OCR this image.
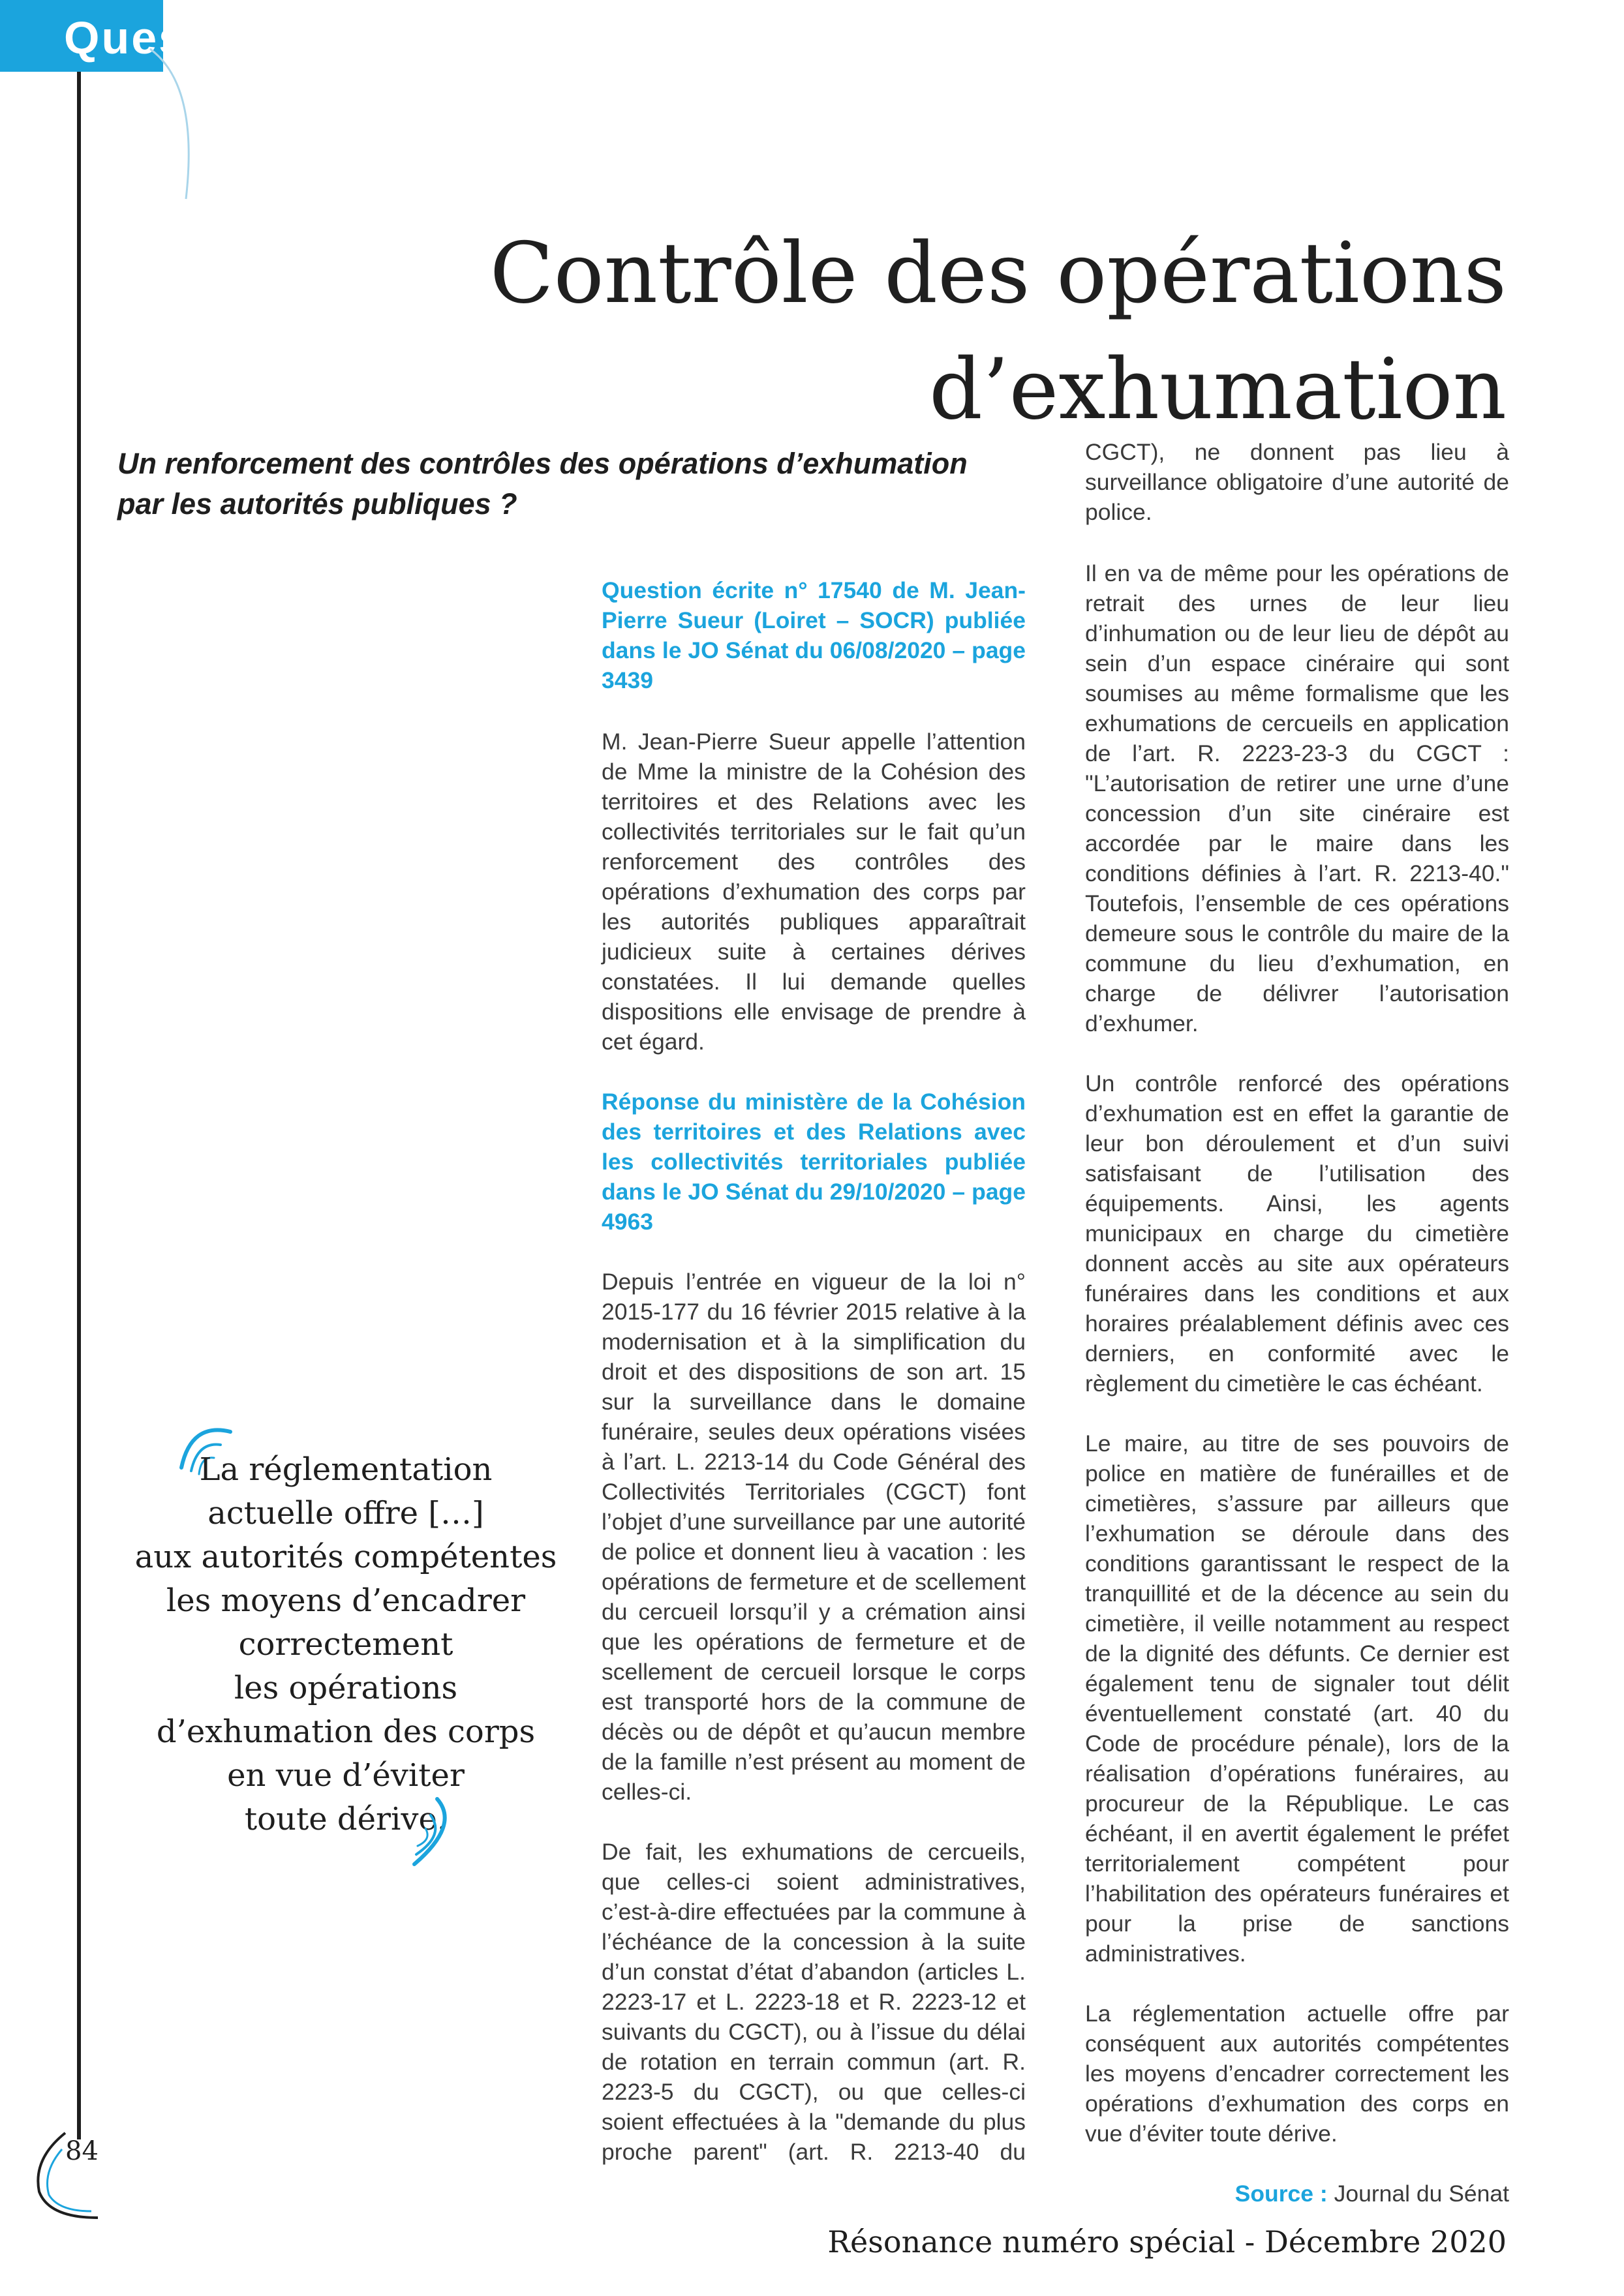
Questions-réponses)
Contrôle des opérations
d’exhumation
Un renforcement des contrôles des opérations d’exhumation par les autorités publiques ?

Question écrite n° 17540 de M. Jean-Pierre Sueur (Loiret – SOCR) publiée dans le JO Sénat du 06/08/2020 – page 3439

M. Jean-Pierre Sueur appelle l’attention de Mme la ministre de la Cohésion des territoires et des Relations avec les collectivités territoriales sur le fait qu’un renforcement des contrôles des opérations d’exhumation des corps par les autorités publiques apparaîtrait judicieux suite à certaines dérives constatées. Il lui demande quelles dispositions elle envisage de prendre à cet égard.

Réponse du ministère de la Cohésion des territoires et des Relations avec les collectivités territoriales publiée dans le JO Sénat du 29/10/2020 – page 4963

Depuis l’entrée en vigueur de la loi n° 2015-177 du 16 février 2015 relative à la modernisation et à la simplification du droit et des dispositions de son art. 15 sur la surveillance dans le domaine funéraire, seules deux opérations visées à l’art. L. 2213-14 du Code Général des Collectivités Territoriales (CGCT) font l’objet d’une surveillance par une autorité de police et donnent lieu à vacation : les opérations de fermeture et de scellement du cercueil lorsqu’il y a crémation ainsi que les opérations de fermeture et de scellement de cercueil lorsque le corps est transporté hors de la commune de décès ou de dépôt et qu’aucun membre de la famille n’est présent au moment de celles-ci.

De fait, les exhumations de cercueils, que celles-ci soient administratives, c’est-à-dire effectuées par la commune à l’échéance de la concession à la suite d’un constat d’état d’abandon (articles L. 2223-17 et L. 2223-18 et R. 2223-12 et suivants du CGCT), ou à l’issue du délai de rotation en terrain commun (art. R. 2223-5 du CGCT), ou que celles-ci soient effectuées à la "demande du plus proche parent" (art. R. 2213-40 du

CGCT), ne donnent pas lieu à surveillance obligatoire d’une autorité de police.

Il en va de même pour les opérations de retrait des urnes de leur lieu d’inhumation ou de leur lieu de dépôt au sein d’un espace cinéraire qui sont soumises au même formalisme que les exhumations de cercueils en application de l’art. R. 2223-23-3 du CGCT : "L’autorisation de retirer une urne d’une concession d’un site cinéraire est accordée par le maire dans les conditions définies à l’art. R. 2213-40." Toutefois, l’ensemble de ces opérations demeure sous le contrôle du maire de la commune du lieu d’exhumation, en charge de délivrer l’autorisation d’exhumer.

Un contrôle renforcé des opérations d’exhumation est en effet la garantie de leur bon déroulement et d’un suivi satisfaisant de l’utilisation des équipements. Ainsi, les agents municipaux en charge du cimetière donnent accès au site aux opérateurs funéraires dans les conditions et aux horaires préalablement définis avec ces derniers, en conformité avec le règlement du cimetière le cas échéant.

Le maire, au titre de ses pouvoirs de police en matière de funérailles et de cimetières, s’assure par ailleurs que l’exhumation se déroule dans des conditions garantissant le respect de la tranquillité et de la décence au sein du cimetière, il veille notamment au respect de la dignité des défunts. Ce dernier est également tenu de signaler tout délit éventuellement constaté (art. 40 du Code de procédure pénale), lors de la réalisation d’opérations funéraires, au procureur de la République. Le cas échéant, il en avertit également le préfet territorialement compétent pour l’habilitation des opérateurs funéraires et pour la prise de sanctions administratives.

La réglementation actuelle offre par conséquent aux autorités compétentes les moyens d’encadrer correctement les opérations d’exhumation des corps en vue d’éviter toute dérive.

Source : Journal du Sénat

La réglementation
actuelle offre […]
aux autorités compétentes
les moyens d’encadrer
correctement
les opérations
d’exhumation des corps
en vue d’éviter
toute dérive.
84
Résonance numéro spécial - Décembre 2020
